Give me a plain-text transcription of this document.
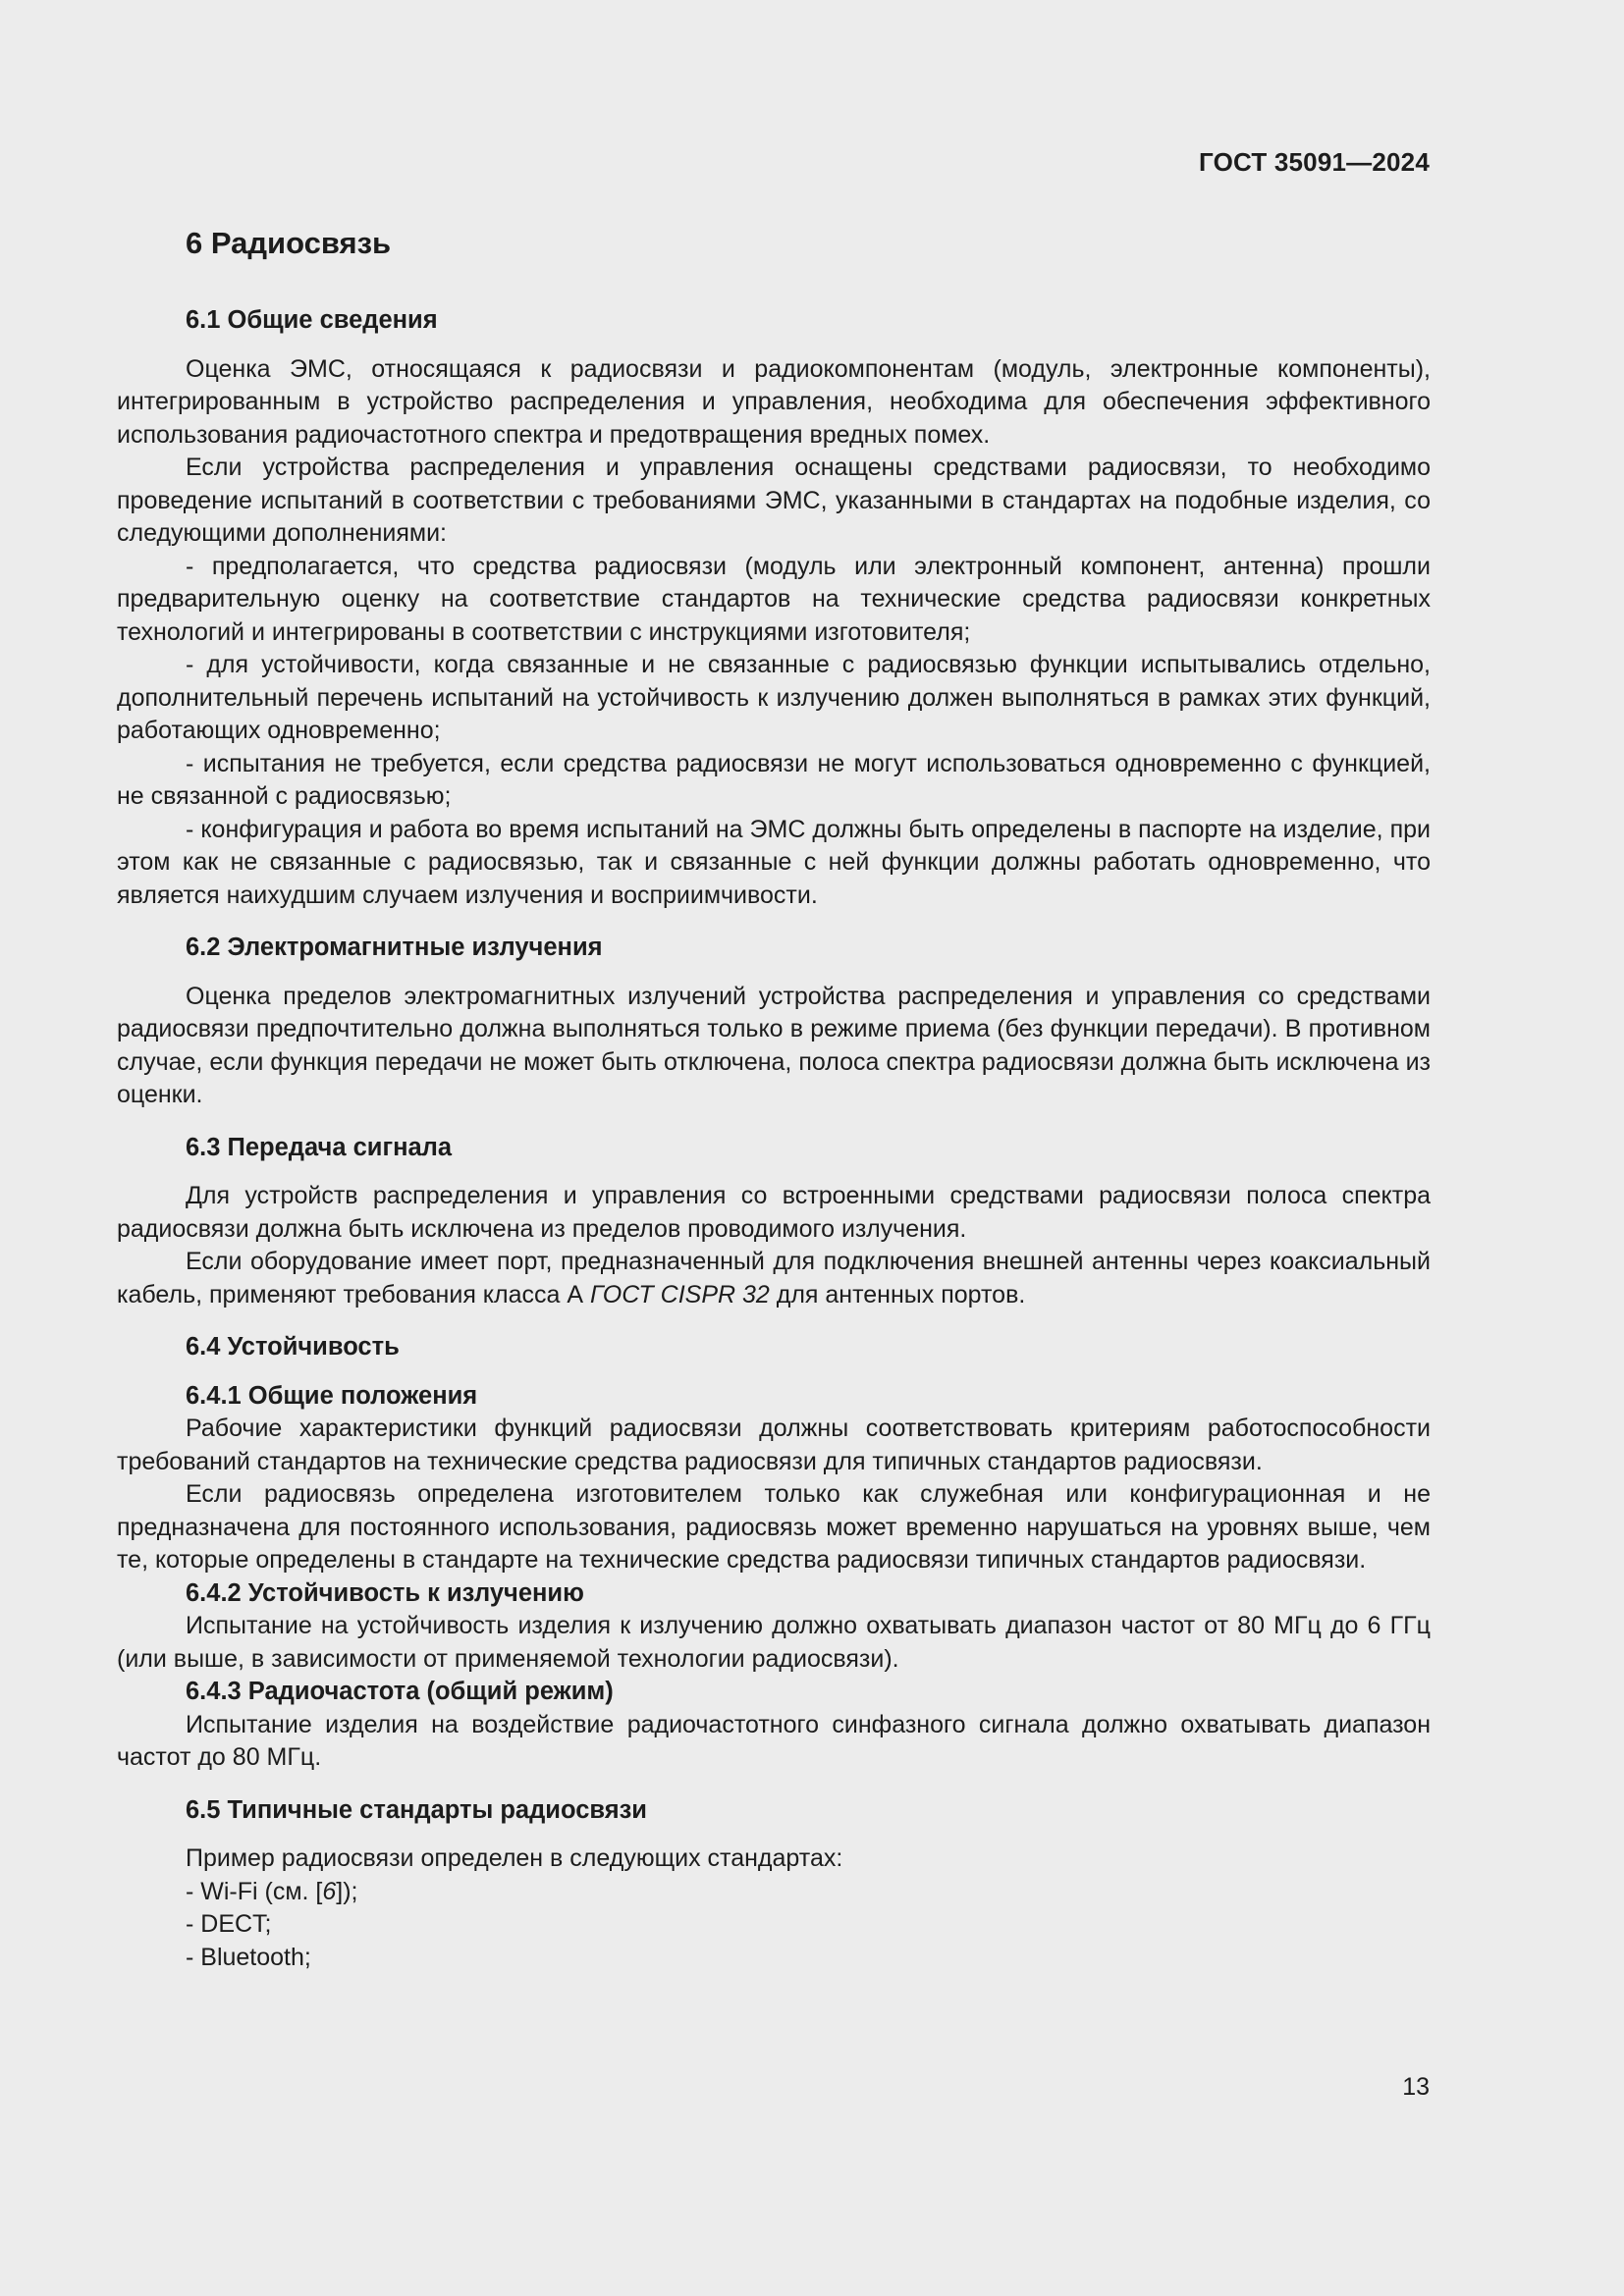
ГОСТ 35091—2024
6 Радиосвязь
6.1 Общие сведения

Оценка ЭМС, относящаяся к радиосвязи и радиокомпонентам (модуль, электронные компоненты), интегрированным в устройство распределения и управления, необходима для обеспечения эффективного использования радиочастотного спектра и предотвращения вредных помех.

Если устройства распределения и управления оснащены средствами радиосвязи, то необходимо проведение испытаний в соответствии с требованиями ЭМС, указанными в стандартах на подобные изделия, со следующими дополнениями:

- предполагается, что средства радиосвязи (модуль или электронный компонент, антенна) прошли предварительную оценку на соответствие стандартов на технические средства радиосвязи конкретных технологий и интегрированы в соответствии с инструкциями изготовителя;

- для устойчивости, когда связанные и не связанные с радиосвязью функции испытывались отдельно, дополнительный перечень испытаний на устойчивость к излучению должен выполняться в рамках этих функций, работающих одновременно;

- испытания не требуется, если средства радиосвязи не могут использоваться одновременно с функцией, не связанной с радиосвязью;

- конфигурация и работа во время испытаний на ЭМС должны быть определены в паспорте на изделие, при этом как не связанные с радиосвязью, так и связанные с ней функции должны работать одновременно, что является наихудшим случаем излучения и восприимчивости.

6.2 Электромагнитные излучения

Оценка пределов электромагнитных излучений устройства распределения и управления со средствами радиосвязи предпочтительно должна выполняться только в режиме приема (без функции передачи). В противном случае, если функция передачи не может быть отключена, полоса спектра радиосвязи должна быть исключена из оценки.

6.3 Передача сигнала

Для устройств распределения и управления со встроенными средствами радиосвязи полоса спектра радиосвязи должна быть исключена из пределов проводимого излучения.

Если оборудование имеет порт, предназначенный для подключения внешней антенны через коаксиальный кабель, применяют требования класса А ГОСТ CISPR 32 для антенных портов.

6.4 Устойчивость
6.4.1 Общие положения

Рабочие характеристики функций радиосвязи должны соответствовать критериям работоспособности требований стандартов на технические средства радиосвязи для типичных стандартов радиосвязи.

Если радиосвязь определена изготовителем только как служебная или конфигурационная и не предназначена для постоянного использования, радиосвязь может временно нарушаться на уровнях выше, чем те, которые определены в стандарте на технические средства радиосвязи типичных стандартов радиосвязи.

6.4.2 Устойчивость к излучению

Испытание на устойчивость изделия к излучению должно охватывать диапазон частот от 80 МГц до 6 ГГц (или выше, в зависимости от применяемой технологии радиосвязи).

6.4.3 Радиочастота (общий режим)

Испытание изделия на воздействие радиочастотного синфазного сигнала должно охватывать диапазон частот до 80 МГц.

6.5 Типичные стандарты радиосвязи

Пример радиосвязи определен в следующих стандартах:

- Wi-Fi (см. [6]);

- DECT;

- Bluetooth;

13
